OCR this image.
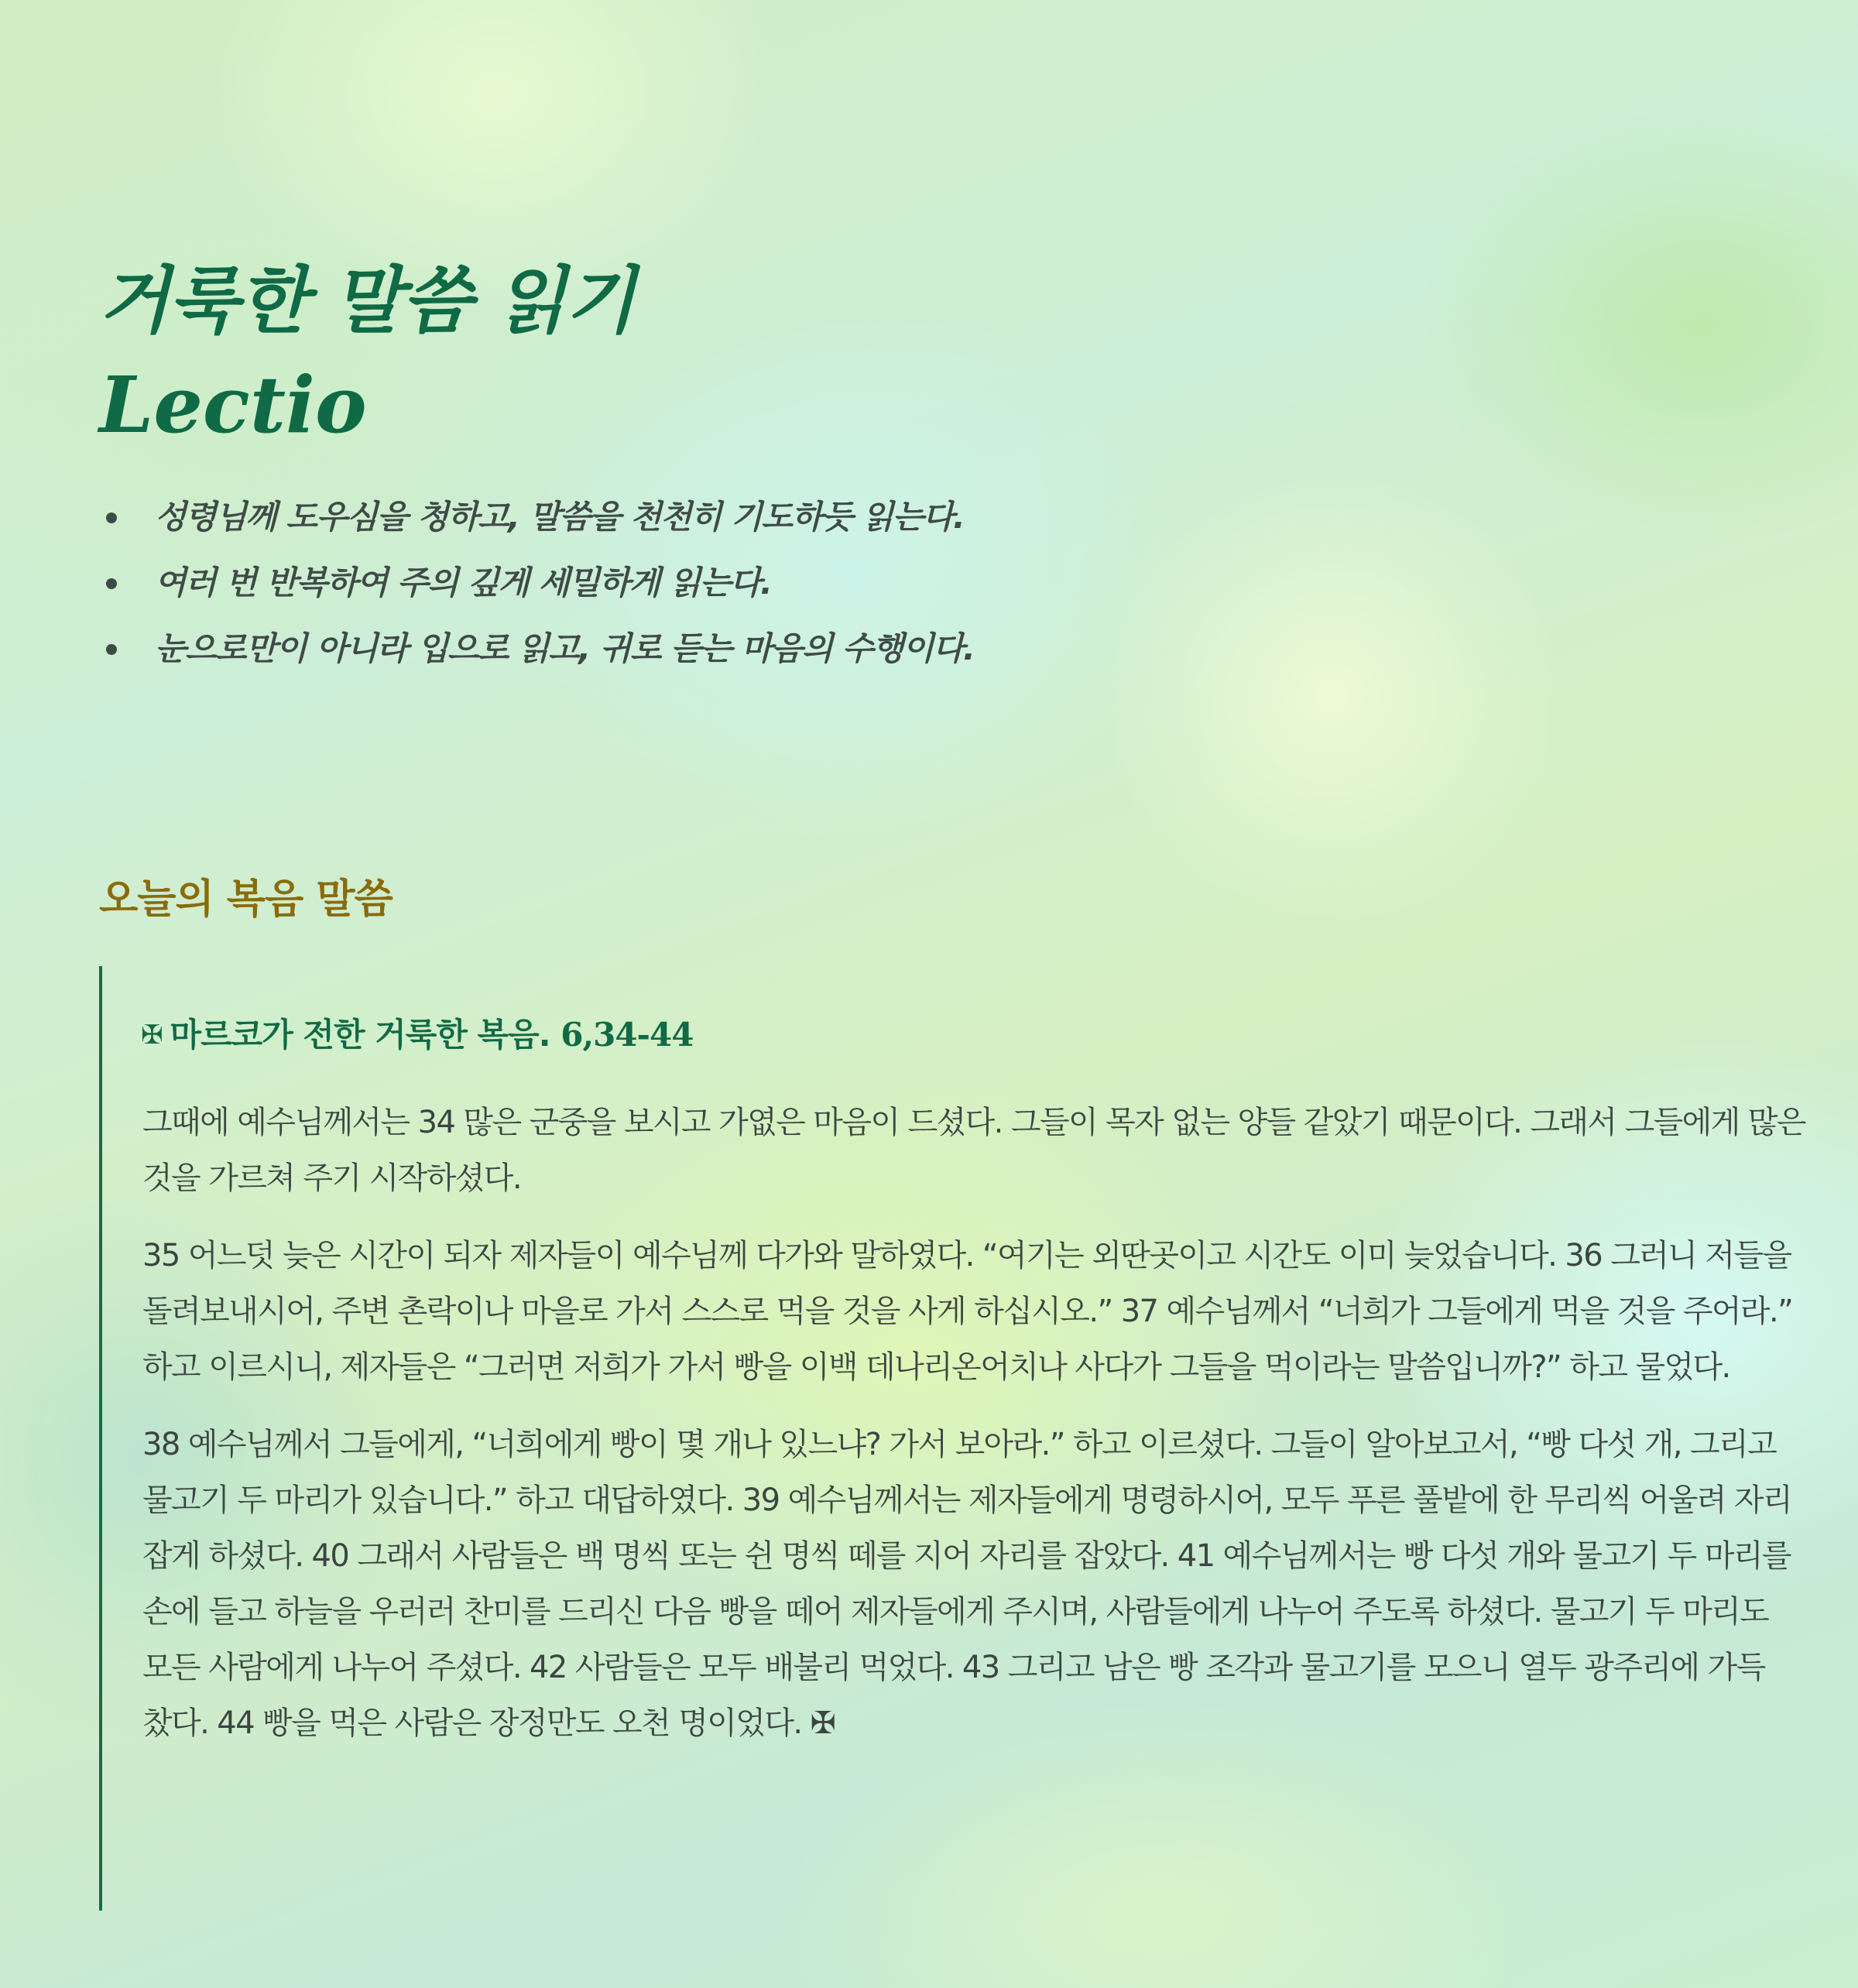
거룩한 말씀 읽기
Lectio
성령님께 도우심을 청하고, 말씀을 천천히 기도하듯 읽는다.
여러 번 반복하여 주의 깊게 세밀하게 읽는다.
눈으로만이 아니라 입으로 읽고, 귀로 듣는 마음의 수행이다.
오늘의 복음 말씀

✠ 마르코가 전한 거룩한 복음. 6,34-44

그때에 예수님께서는 34 많은 군중을 보시고 가엾은 마음이 드셨다. 그들이 목자 없는 양들 같았기 때문이다. 그래서 그들에게 많은 것을 가르쳐 주기 시작하셨다.

35 어느덧 늦은 시간이 되자 제자들이 예수님께 다가와 말하였다. “여기는 외딴곳이고 시간도 이미 늦었습니다. 36 그러니 저들을 돌려보내시어, 주변 촌락이나 마을로 가서 스스로 먹을 것을 사게 하십시오.” 37 예수님께서 “너희가 그들에게 먹을 것을 주어라.” 하고 이르시니, 제자들은 “그러면 저희가 가서 빵을 이백 데나리온어치나 사다가 그들을 먹이라는 말씀입니까?” 하고 물었다.

38 예수님께서 그들에게, “너희에게 빵이 몇 개나 있느냐? 가서 보아라.” 하고 이르셨다. 그들이 알아보고서, “빵 다섯 개, 그리고 물고기 두 마리가 있습니다.” 하고 대답하였다. 39 예수님께서는 제자들에게 명령하시어, 모두 푸른 풀밭에 한 무리씩 어울려 자리 잡게 하셨다. 40 그래서 사람들은 백 명씩 또는 쉰 명씩 떼를 지어 자리를 잡았다. 41 예수님께서는 빵 다섯 개와 물고기 두 마리를 손에 들고 하늘을 우러러 찬미를 드리신 다음 빵을 떼어 제자들에게 주시며, 사람들에게 나누어 주도록 하셨다. 물고기 두 마리도 모든 사람에게 나누어 주셨다. 42 사람들은 모두 배불리 먹었다. 43 그리고 남은 빵 조각과 물고기를 모으니 열두 광주리에 가득 찼다. 44 빵을 먹은 사람은 장정만도 오천 명이었다. ✠
